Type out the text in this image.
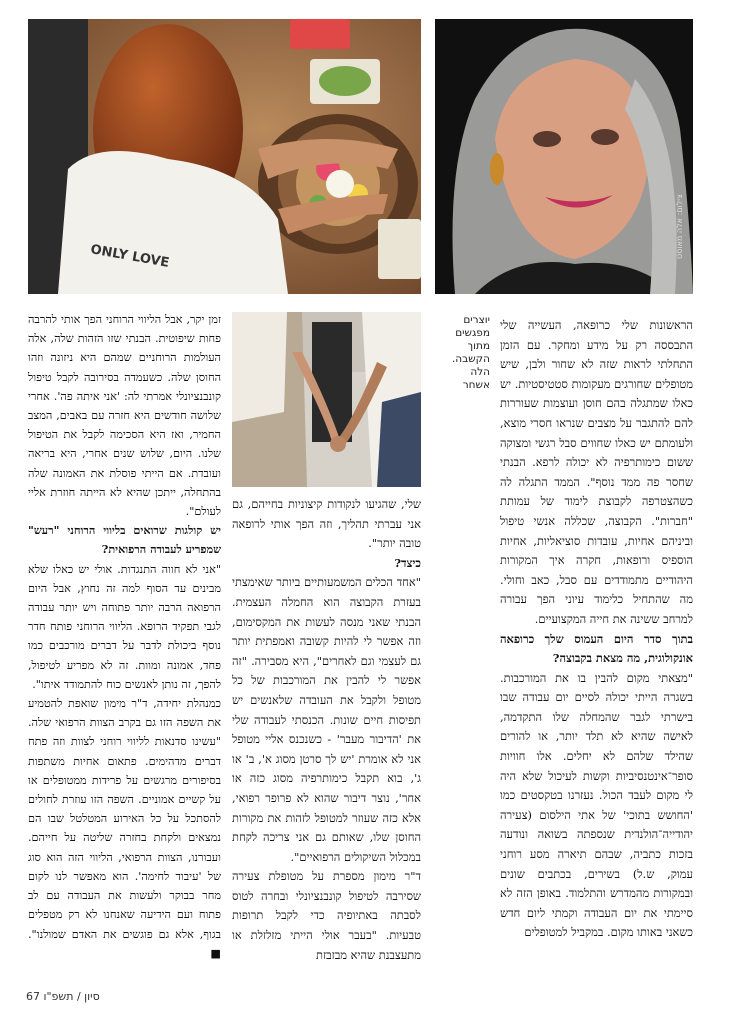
ONLY LOVE	צילום: אלה מאוסט
יוצרים
מפגשים
מתוך
הקשבה.
הלה אשחר

הראשונות שלי כרופאה, העשייה שלי התבססה רק על מידע ומחקר. עם הזמן התחלתי לראות שזה לא שחור ולבן, שיש מטופלים שחורגים מעקומות סטטיסטיות. יש כאלו שמתגלה בהם חוסן ועוצמות שעוררות להם להתגבר על מצבים שנראו חסרי מוצא, ולעומתם יש כאלו שחווים סבל רגשי ומצוקה ששום כימותרפיה לא יכולה לרפא. הבנתי שחסר פה ממד נוסף". הממד התגלה לה כשהצטרפה לקבוצת לימוד של עמותת "חברות". הקבוצה, שכללה אנשי טיפול וביניהם אחיות, עובדות סוציאליות, אחיות הוספיס ורופאות, חקרה איך המקורות היהודיים מתמודדים עם סבל, כאב וחולי. מה שהתחיל כלימוד עיוני הפך עבורה למרחב ששינה את חייה המקצועיים.

בתוך סדר היום העמוס שלך כרופאה אונקולוגית, מה מצאת בקבוצה?

"מצאתי מקום להבין בו את המורכבות. בשגרה הייתי יכולה לסיים יום עבודה שבו בישרתי לגבר שהמחלה שלו התקדמה, לאישה שהיא לא תלד יותר, או להורים שהילד שלהם לא יחלים. אלו חוויות סופר־אינטנסיביות וקשות לעיכול שלא היה לי מקום לעבד הכול. נעזרנו בטקסטים כמו 'החושש בתוכי' של אתי הילסום (צעירה יהודייה־הולנדית שנספתה בשואה ונודעה בזכות כתביה, שבהם תיארה מסע רוחני עמוק, ש.ל) בשירים, בכתבים שונים ובמקורות מהמדרש והתלמוד. באופן הזה לא סיימתי את יום העבודה וקמתי ליום חדש כשאני באותו מקום. במקביל למטופלים

שלי, שהגיעו לנקודות קיצוניות בחייהם, גם אני עברתי תהליך, וזה הפך אותי לרופאה טובה יותר".

כיצד?

"אחד הכלים המשמעותיים ביותר שאימצתי בעזרת הקבוצה הוא החמלה העצמית. הבנתי שאני מנסה לעשות את המקסימום, וזה אפשר לי להיות קשובה ואמפתית יותר גם לעצמי וגם לאחרים", היא מסבירה. "זה אפשר לי להבין את המורכבות של כל מטופל ולקבל את העובדה שלאנשים יש תפיסות חיים שונות. הכנסתי לעבודה שלי את 'הדיבור מעבר' - כשנכנס אליי מטופל אני לא אומרת 'יש לך סרטן מסוג א', ב' או ג', בוא תקבל כימותרפיה מסוג כזה או אחר', נוצר דיבור שהוא לא פרופר רפואי, אלא כזה שעוזר למטופל לזהות את מקורות החוסן שלו, שאותם גם אני צריכה לקחת במכלול השיקולים הרפואיים".

ד"ר מימון מספרת על מטופלת צעירה שסירבה לטיפול קונבנציונלי ובחרה לטוס לסבתה באתיופיה כדי לקבל תרופות טבעיות. "בעבר אולי הייתי מזלזלת או מתעצבנת שהיא מבזבזת

זמן יקר, אבל הליווי הרוחני הפך אותי להרבה פחות שיפוטית. הבנתי שזו הזהות שלה, אלה העולמות הרוחניים שמהם היא ניזונה וזהו החוסן שלה. כשעמדה בסירובה לקבל טיפול קונבנציונלי אמרתי לה: 'אני איתה פה'. אחרי שלושה חודשים היא חזרה עם באבים, המצב החמיר, ואז היא הסכימה לקבל את הטיפול שלנו. היום, שלוש שנים אחרי, היא בריאה ועובדת. אם הייתי פוסלת את האמונה שלה בהתחלה, ייתכן שהיא לא הייתה חוזרת אליי לעולם".

יש קולגות שרואים בליווי הרוחני "רעש" שמפריע לעבודה הרפואית?

"אני לא חווה התנגדות. אולי יש כאלו שלא מבינים עד הסוף למה זה נחוץ, אבל היום הרפואה הרבה יותר פתוחה ויש יותר עבודה לגבי תפקיד הרופא. הליווי הרוחני פותח חדר נוסף ביכולת לדבר על דברים מורכבים כמו פחד, אמונה ומוות. זה לא מפריע לטיפול, להפך, זה נותן לאנשים כוח להתמודד איתו".

כמנהלת יחידה, ד"ר מימון שואפת להטמיע את השפה הזו גם בקרב הצוות הרפואי שלה. "עשינו סדנאות לליווי רוחני לצוות וזה פתח דברים מדהימים. פתאום אחיות משתפות בסיפורים מרגשים על פרידות ממטופלים או על קשיים אמוניים. השפה הזו עוזרת לחולים להסתכל על כל האירוע המטלטל שבו הם נמצאים ולקחת בחזרה שליטה על חייהם. ועבורנו, הצוות הרפואי, הליווי הזה הוא סוג של 'עיבוד לחימה'. הוא מאפשר לנו לקום מחר בבוקר ולעשות את העבודה עם לב פתוח ועם הידיעה שאנחנו לא רק מטפלים בגוף, אלא גם פוגשים את האדם שמולנו". ■

67 סיון / תשפ"ו
